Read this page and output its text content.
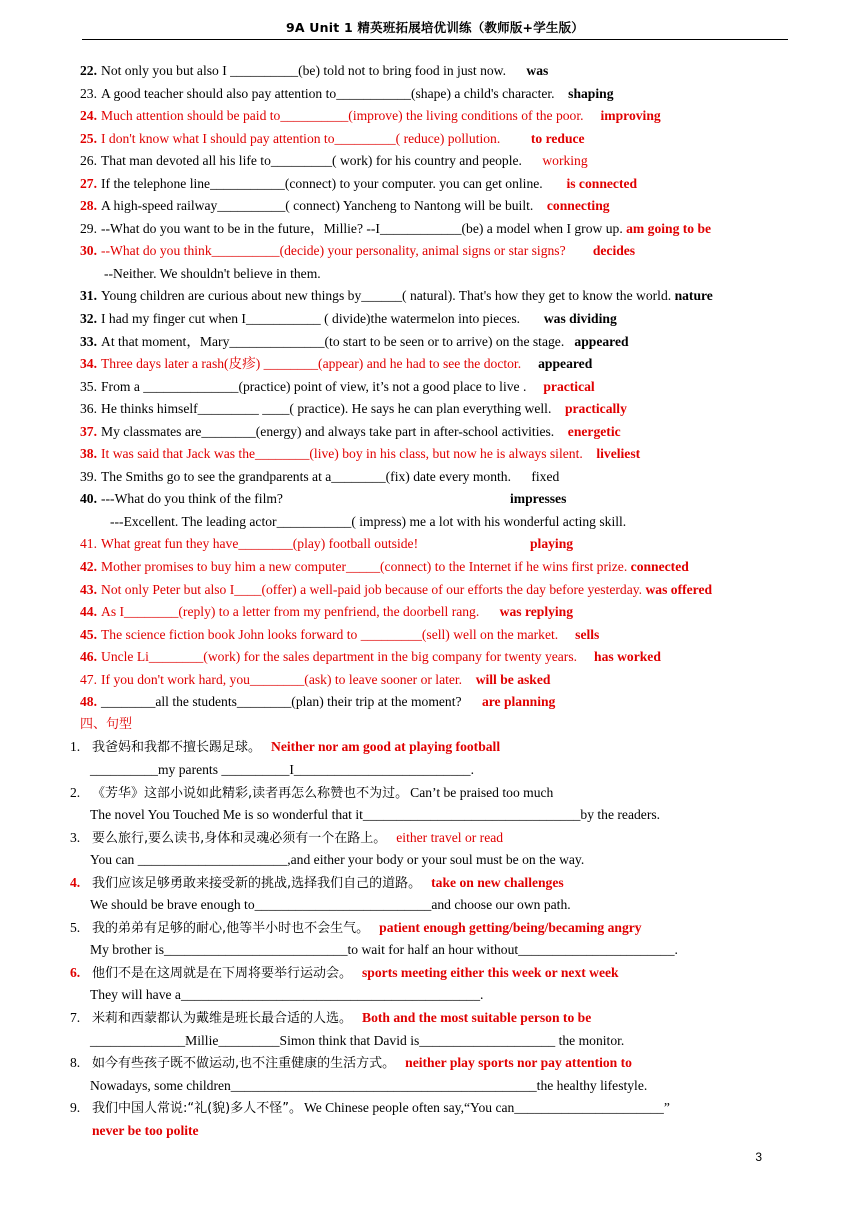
9A Unit 1 精英班拓展培优训练（教师版+学生版）
22. Not only you but also I __________(be) told not to bring food in just now. was
23. A good teacher should also pay attention to___________(shape) a child's character. shaping
24. Much attention should be paid to__________(improve) the living conditions of the poor. improving
25. I don't know what I should pay attention to_________( reduce) pollution. to reduce
26. That man devoted all his life to_________( work) for his country and people. working
27. If the telephone line___________(connect) to your computer. you can get online. is connected
28. A high-speed railway__________( connect) Yancheng to Nantong will be built. connecting
29. --What do you want to be in the future，Millie? --I____________(be) a model when I grow up. am going to be
30. --What do you think__________(decide) your personality, animal signs or star signs? decides
--Neither. We shouldn't believe in them.
31. Young children are curious about new things by______( natural). That's how they get to know the world. nature
32. I had my finger cut when I___________ ( divide)the watermelon into pieces. was dividing
33. At that moment，Mary______________(to start to be seen or to arrive) on the stage. appeared
34. Three days later a rash(皮疹) ________(appear) and he had to see the doctor. appeared
35. From a ______________(practice) point of view, it’s not a good place to live . practical
36. He thinks himself_________ ____( practice). He says he can plan everything well. practically
37. My classmates are________(energy) and always take part in after-school activities. energetic
38. It was said that Jack was the________(live) boy in his class, but now he is always silent. liveliest
39. The Smiths go to see the grandparents at a________(fix) date every month. fixed
40. ---What do you think of the film?	impresses
---Excellent. The leading actor___________( impress) me a lot with his wonderful acting skill.
41. What great fun they have________(play) football outside!	playing
42. Mother promises to buy him a new computer_____(connect) to the Internet if he wins first prize. connected
43. Not only Peter but also I____(offer) a well-paid job because of our efforts the day before yesterday. was offered
44. As I________(reply) to a letter from my penfriend, the doorbell rang. was replying
45. The science fiction book John looks forward to _________(sell) well on the market. sells
46. Uncle Li________(work) for the sales department in the big company for twenty years. has worked
47. If you don't work hard, you________(ask) to leave sooner or later. will be asked
48. ________all the students________(plan) their trip at the moment? are planning
四、句型
1. 我爸妈和我都不擅长踢足球。 Neither nor am good at playing football
__________my parents __________I__________________________.
2. 《芳华》这部小说如此精彩,读者再怎么称赞也不为过。 Can’t be praised too much
The novel You Touched Me is so wonderful that it________________________________by the readers.
3. 要么旅行,要么读书,身体和灵魂必须有一个在路上。 either travel or read
You can ______________________,and either your body or your soul must be on the way.
4. 我们应该足够勇敢来接受新的挑战,选择我们自己的道路。 take on new challenges
We should be brave enough to__________________________and choose our own path.
5. 我的弟弟有足够的耐心,他等半小时也不会生气。 patient enough getting/being/becaming angry
My brother is___________________________to wait for half an hour without_______________________.
6. 他们不是在这周就是在下周将要举行运动会。 sports meeting either this week or next week
They will have a____________________________________________.
7. 米莉和西蒙都认为戴维是班长最合适的人选。 Both and the most suitable person to be
______________Millie_________Simon think that David is____________________ the monitor.
8. 如今有些孩子既不做运动,也不注重健康的生活方式。 neither play sports nor pay attention to
Nowadays, some children_____________________________________________the healthy lifestyle.
9. 我们中国人常说:“礼(貌)多人不怪”。 We Chinese people often say,“You can______________________”
never be too polite
3
